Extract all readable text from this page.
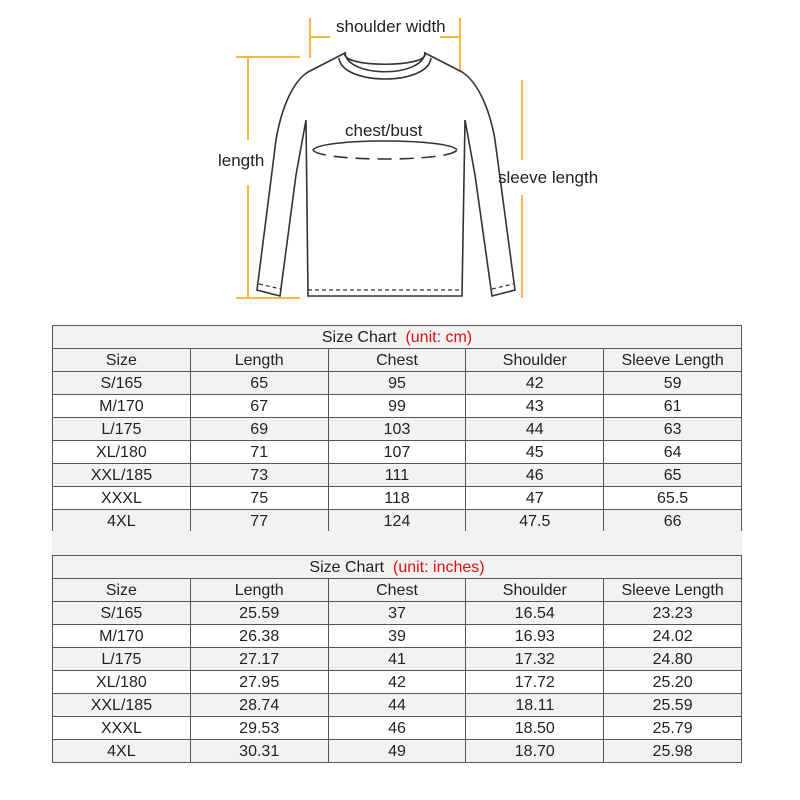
shoulder width
chest/bust
length
sleeve length
Size Chart (unit: cm)				
Size	Length	Chest	Shoulder	Sleeve Length
S/165	65	95	42	59
M/170	67	99	43	61
L/175	69	103	44	63
XL/180	71	107	45	64
XXL/185	73	111	46	65
XXXL	75	118	47	65.5
4XL	77	124	47.5	66
Size Chart (unit: inches)				
Size	Length	Chest	Shoulder	Sleeve Length
S/165	25.59	37	16.54	23.23
M/170	26.38	39	16.93	24.02
L/175	27.17	41	17.32	24.80
XL/180	27.95	42	17.72	25.20
XXL/185	28.74	44	18.11	25.59
XXXL	29.53	46	18.50	25.79
4XL	30.31	49	18.70	25.98
